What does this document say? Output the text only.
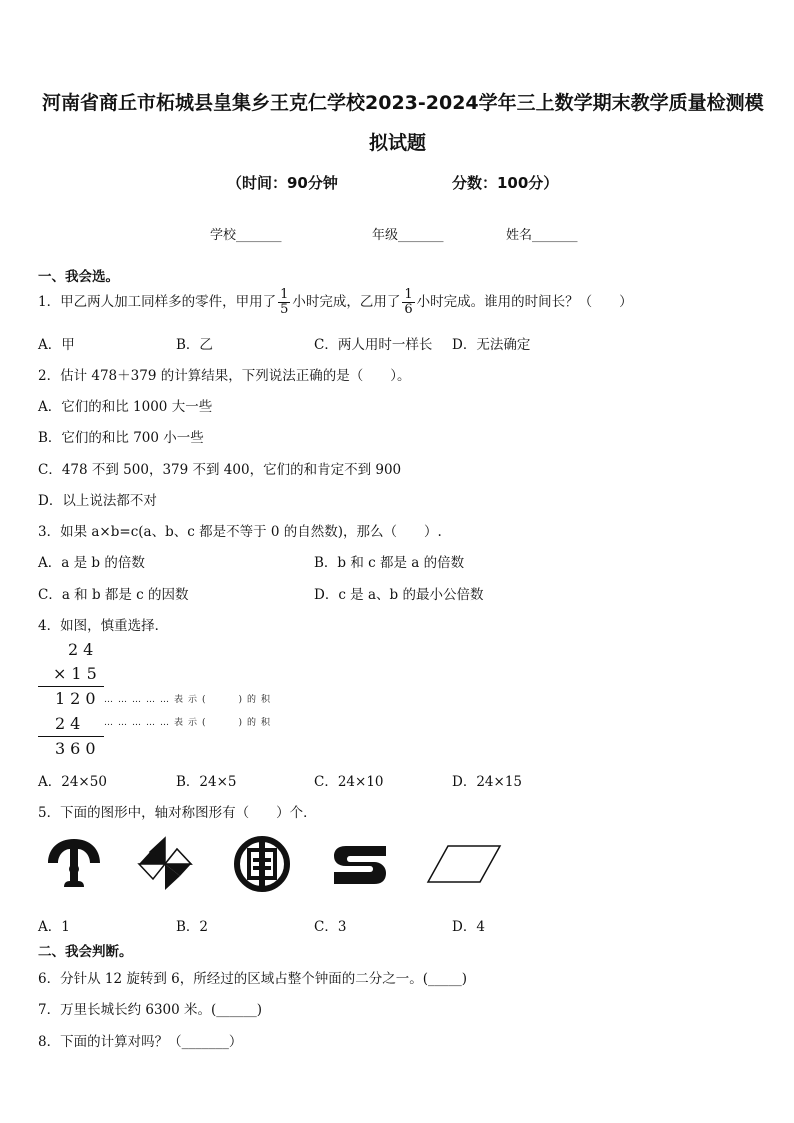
河南省商丘市柘城县皇集乡王克仁学校2023-2024学年三上数学期末教学质量检测模
拟试题
（时间：90分钟	分数：100分）
学校_______	年级_______	姓名_______
一、我会选。
1．甲乙两人加工同样多的零件，甲用了 $\frac{1}{5}$ 小时完成，乙用了 $\frac{1}{6}$ 小时完成。谁用的时间长？（　　）
A．甲	B．乙	C．两人用时一样长 D．无法确定
2．估计 478＋379 的计算结果，下列说法正确的是（　　）。
A．它们的和比 1000 大一些
B．它们的和比 700 小一些
C．478 不到 500，379 不到 400，它们的和肯定不到 900
D．以上说法都不对
3．如果 a×b=c(a、b、c 都是不等于 0 的自然数)，那么（　　）.
A．a 是 b 的倍数	B．b 和 c 都是 a 的倍数
C．a 和 b 都是 c 的因数	D．c 是 a、b 的最小公倍数
4．如图，慎重选择．
24
×15
120 ……………表示(　　)的积
24 ……………表示(　　)的积
360
A．24×50	B．24×5	C．24×10	D．24×15
5．下面的图形中，轴对称图形有（　　）个．
A．1	B．2	C．3	D．4
二、我会判断。
6．分针从 12 旋转到 6，所经过的区域占整个钟面的二分之一。(_____)
7．万里长城长约 6300 米。(______)
8．下面的计算对吗？（_______）
